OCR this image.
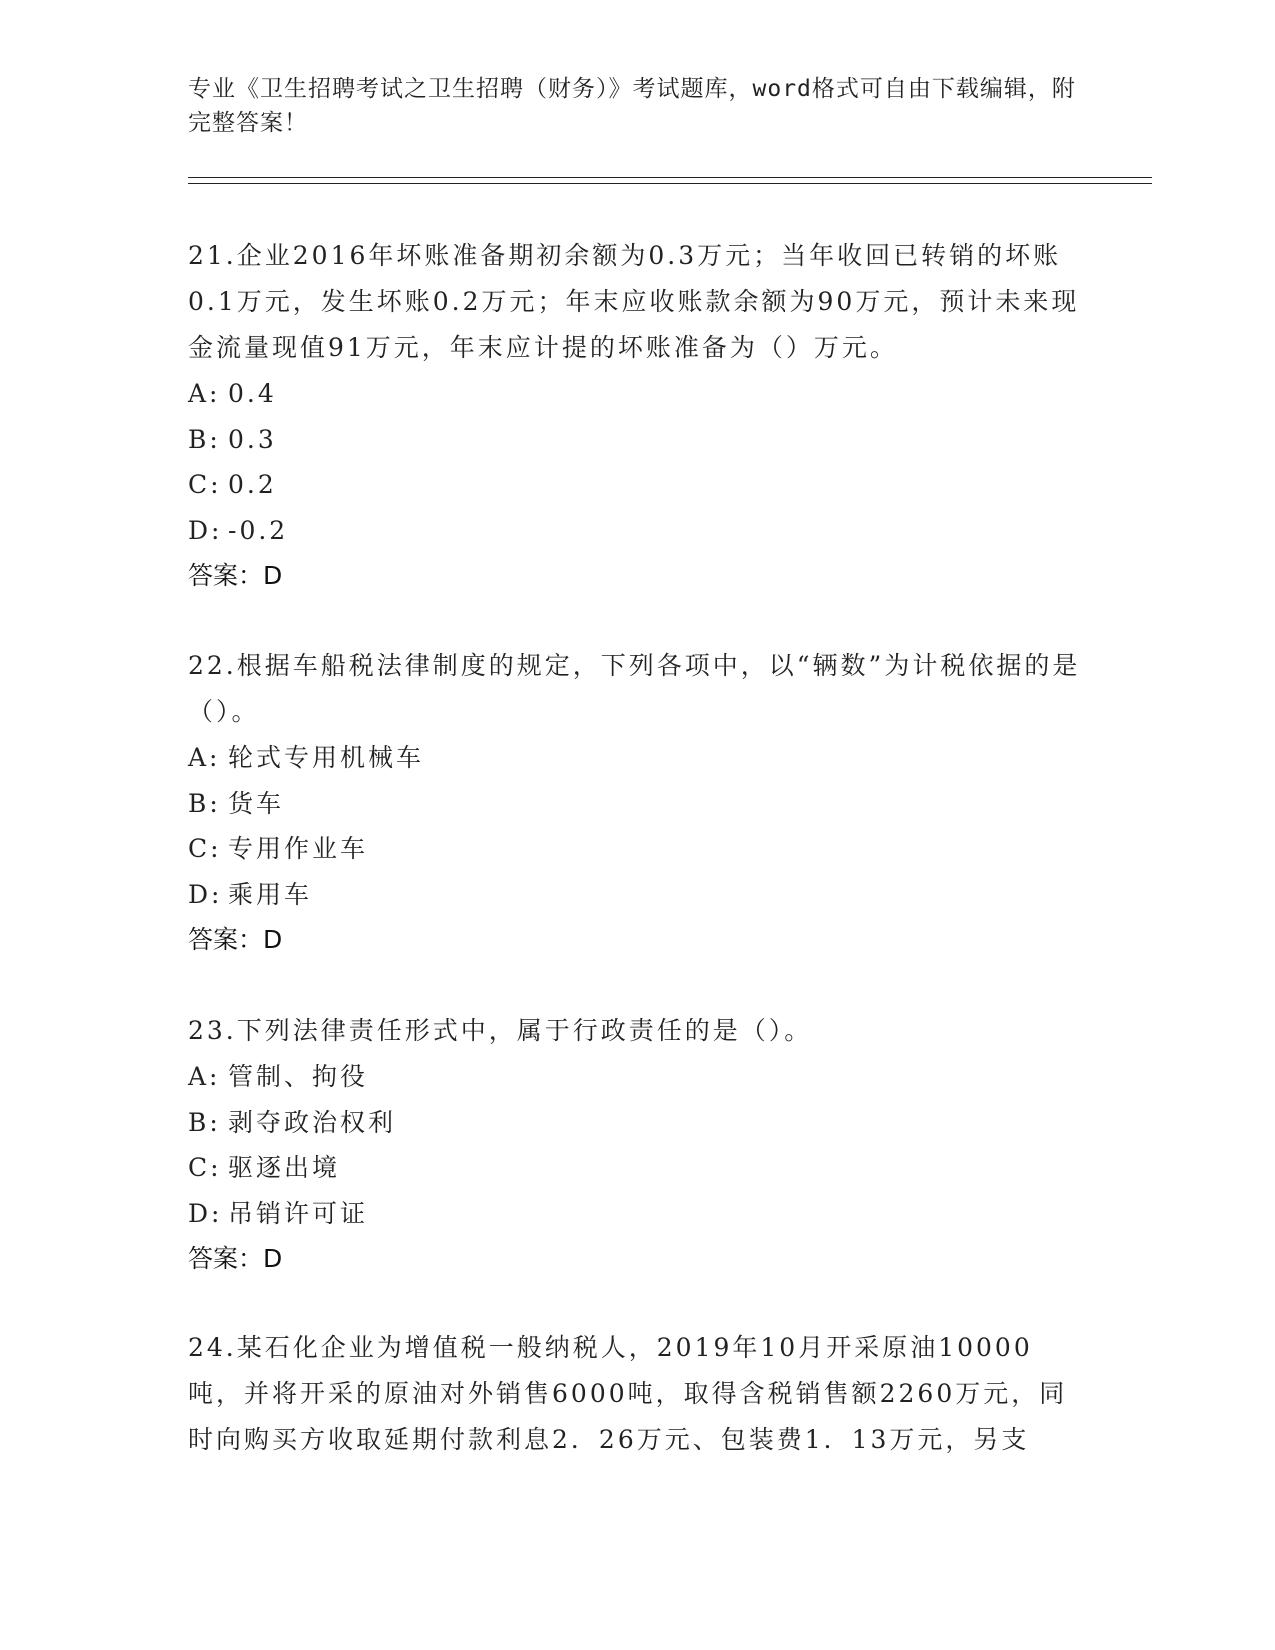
专业《卫生招聘考试之卫生招聘（财务）》考试题库，word格式可自由下载编辑，附完整答案！
21.企业2016年坏账准备期初余额为0.3万元；当年收回已转销的坏账0.1万元，发生坏账0.2万元；年末应收账款余额为90万元，预计未来现金流量现值91万元，年末应计提的坏账准备为（）万元。
A: 0.4
B: 0.3
C: 0.2
D: -0.2
答案：D
22.根据车船税法律制度的规定，下列各项中，以“辆数”为计税依据的是（）。
A: 轮式专用机械车
B: 货车
C: 专用作业车
D: 乘用车
答案：D
23.下列法律责任形式中，属于行政责任的是（）。
A: 管制、拘役
B: 剥夺政治权利
C: 驱逐出境
D: 吊销许可证
答案：D
24.某石化企业为增值税一般纳税人，2019年10月开采原油10000吨，并将开采的原油对外销售6000吨，取得含税销售额2260万元，同时向购买方收取延期付款利息2．26万元、包装费1．13万元，另支
